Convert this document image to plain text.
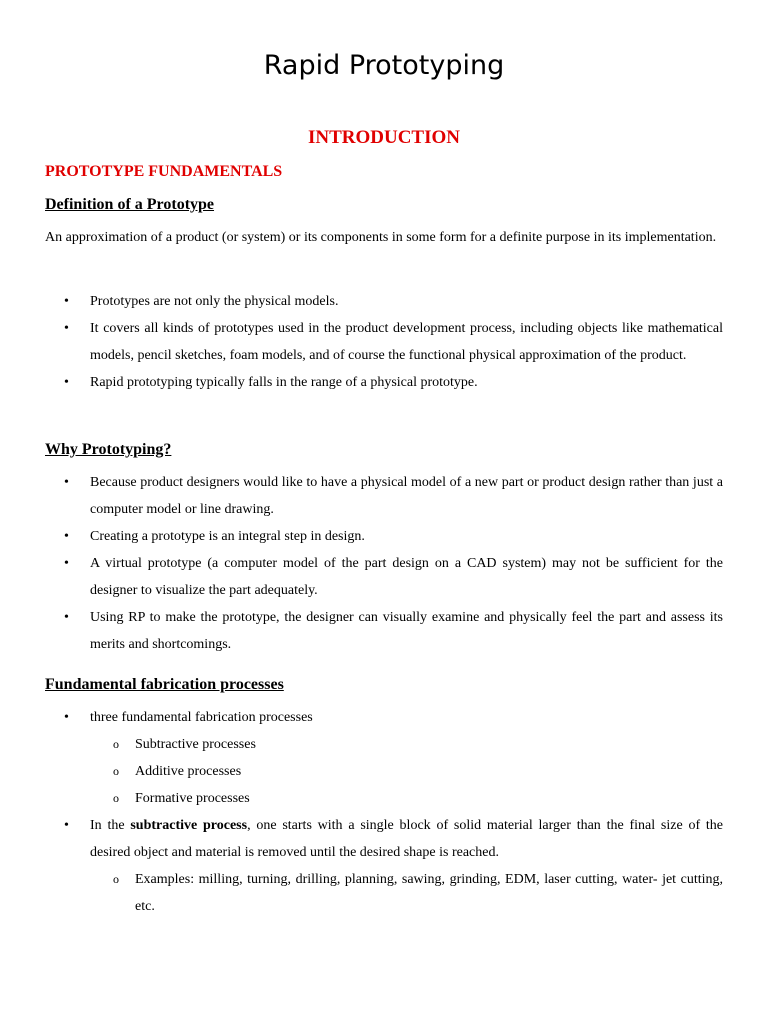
Rapid Prototyping
INTRODUCTION
PROTOTYPE FUNDAMENTALS
Definition of a Prototype

An approximation of a product (or system) or its components in some form for a definite purpose in its implementation.

• Prototypes are not only the physical models.
• It covers all kinds of prototypes used in the product development process, including objects like mathematical models, pencil sketches, foam models, and of course the functional physical approximation of the product.
• Rapid prototyping typically falls in the range of a physical prototype.
Why Prototyping?
• Because product designers would like to have a physical model of a new part or product design rather than just a computer model or line drawing.
• Creating a prototype is an integral step in design.
• A virtual prototype (a computer model of the part design on a CAD system) may not be sufficient for the designer to visualize the part adequately.
• Using RP to make the prototype, the designer can visually examine and physically feel the part and assess its merits and shortcomings.
Fundamental fabrication processes
• three fundamental fabrication processes
o Subtractive processes
o Additive processes
o Formative processes
• In the subtractive process, one starts with a single block of solid material larger than the final size of the desired object and material is removed until the desired shape is reached.
o Examples: milling, turning, drilling, planning, sawing, grinding, EDM, laser cutting, water- jet cutting, etc.
